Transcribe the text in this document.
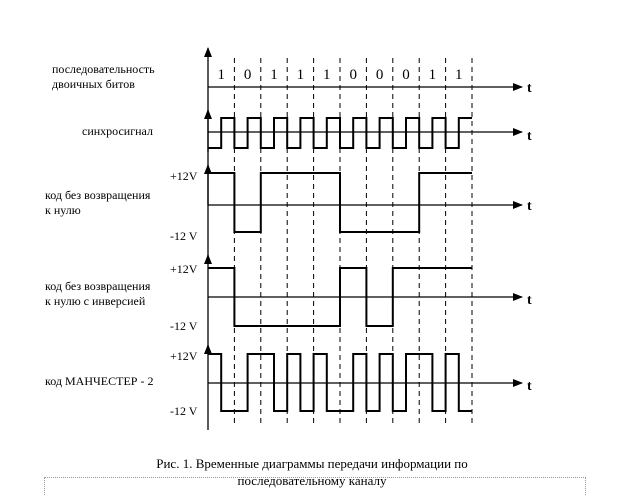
последовательность
двоичных битов
синхросигнал
+12V
код без возвращения
к нулю
-12 V
+12V
код без возвращения
к нулю с инверсией
-12 V
+12V
код МАНЧЕСТЕР - 2
-12 V
1 0 1 1 1 0 0 0 1 1
t
t
t
t
t
Рис. 1. Временные диаграммы передачи информации по
последовательному каналу
